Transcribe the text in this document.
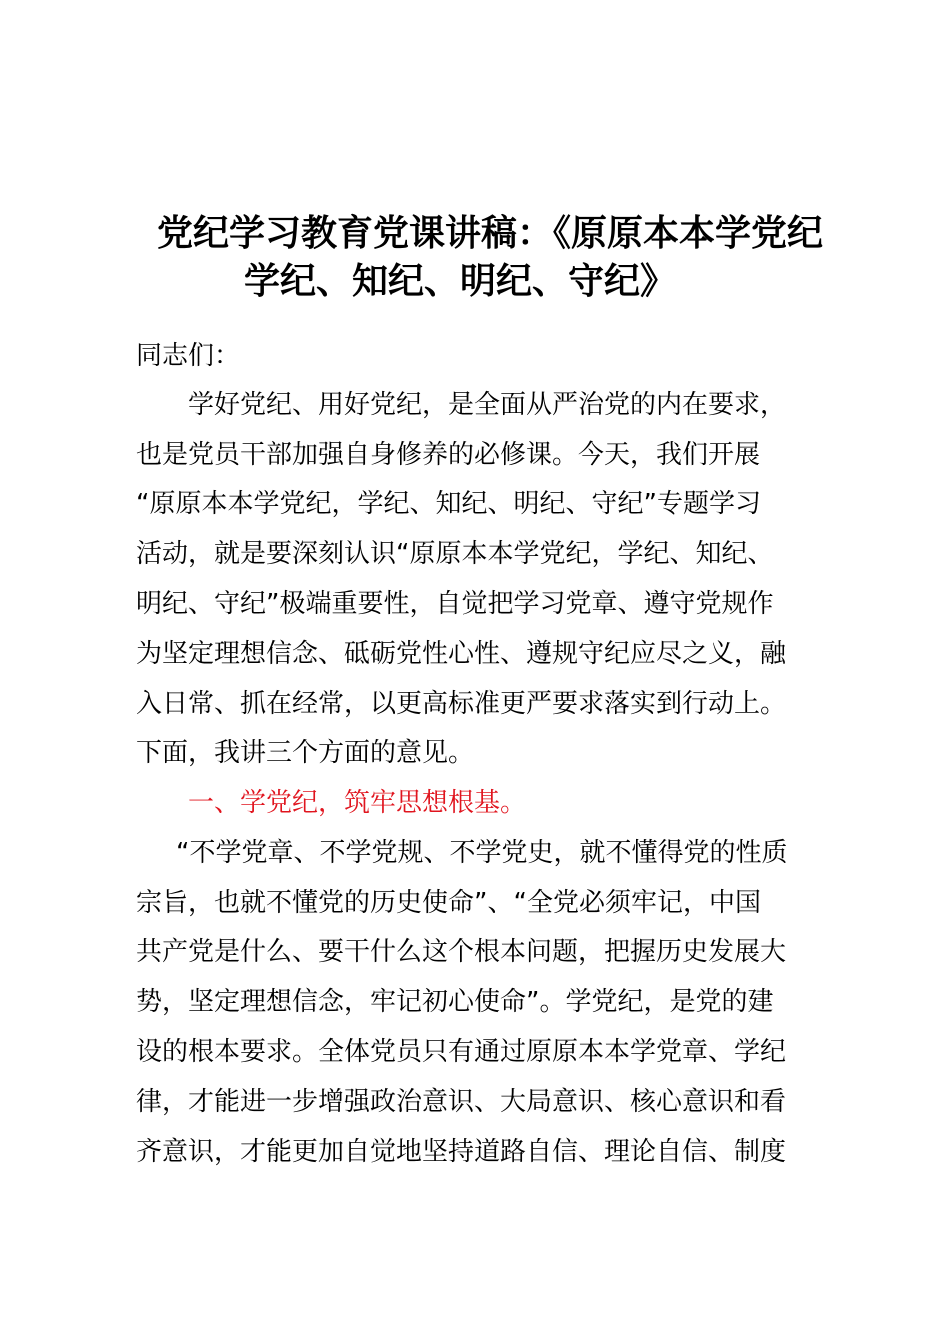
党纪学习教育党课讲稿：《原原本本学党纪
学纪、知纪、明纪、守纪》
同志们：
学好党纪、用好党纪，是全面从严治党的内在要求，
也是党员干部加强自身修养的必修课。今天，我们开展
“原原本本学党纪，学纪、知纪、明纪、守纪”专题学习
活动，就是要深刻认识“原原本本学党纪，学纪、知纪、
明纪、守纪”极端重要性，自觉把学习党章、遵守党规作
为坚定理想信念、砥砺党性心性、遵规守纪应尽之义，融
入日常、抓在经常，以更高标准更严要求落实到行动上。
下面，我讲三个方面的意见。
一、学党纪，筑牢思想根基。
“不学党章、不学党规、不学党史，就不懂得党的性质
宗旨，也就不懂党的历史使命”、“全党必须牢记，中国
共产党是什么、要干什么这个根本问题，把握历史发展大
势，坚定理想信念，牢记初心使命”。学党纪，是党的建
设的根本要求。全体党员只有通过原原本本学党章、学纪
律，才能进一步增强政治意识、大局意识、核心意识和看
齐意识，才能更加自觉地坚持道路自信、理论自信、制度
